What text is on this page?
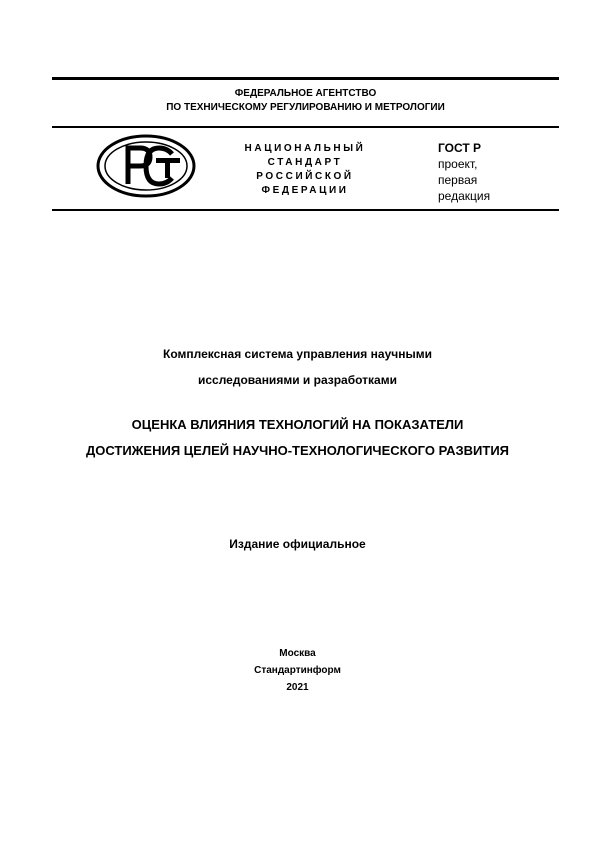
ФЕДЕРАЛЬНОЕ АГЕНТСТВО
ПО ТЕХНИЧЕСКОМУ РЕГУЛИРОВАНИЮ И МЕТРОЛОГИИ
НАЦИОНАЛЬНЫЙ
СТАНДАРТ
РОССИЙСКОЙ
ФЕДЕРАЦИИ
ГОСТ Р
проект,
первая
редакция
Комплексная система управления научными
исследованиями и разработками
ОЦЕНКА ВЛИЯНИЯ ТЕХНОЛОГИЙ НА ПОКАЗАТЕЛИ
ДОСТИЖЕНИЯ ЦЕЛЕЙ НАУЧНО-ТЕХНОЛОГИЧЕСКОГО РАЗВИТИЯ
Издание официальное
Москва
Стандартинформ
2021
